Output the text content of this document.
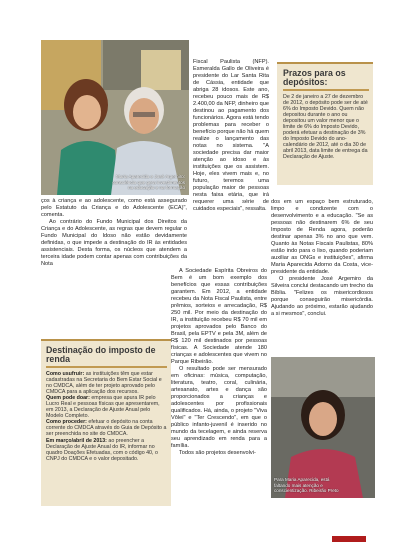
Maria Aparecida e José Argemiro: consciência que gera investimentos na educação e na formação

ços à criança e ao adolescente, como está assegurado pelo Estatuto da Criança e do Adolescente (ECA)", comenta.

Ao contrário do Fundo Municipal dos Direitos da Criança e do Adolescente, as regras que devem regular o Fundo Municipal do Idoso não estão devidamente definidas, o que impede a destinação do IR às entidades assistenciais. Desta forma, os núcleos que atendem a terceira idade podem contar apenas com contribuições da Nota

Destinação do imposto de renda

Como usufruir: as instituições têm que estar cadastradas na Secretaria do Bem Estar Social e no CMDCA, além de ter projeto aprovado pelo CMDCA para a aplicação dos recursos.

Quem pode doar: empresa que apura IR pelo Lucro Real e pessoas físicas que apresentarem, em 2013, a Declaração de Ajuste Anual pelo Modelo Completo.

Como proceder: efetuar o depósito na conta corrente do CMDCA através do Guia de Depósito a ser preenchida no site do CMDCA.

Em março/abril de 2013: ao preencher a Declaração de Ajuste Anual do IR, informar no quadro Doações Efetuadas, com o código 40, o CNPJ do CMDCA e o valor depositado.

Fiscal Paulista (NFP). Esmeralda Gallo de Oliveira é presidente do Lar Santa Rita de Cássia, entidade que abriga 28 idosos. Este ano, recebeu pouco mais de R$ 2.400,00 da NFP, dinheiro que destinou ao pagamento dos funcionários. Agora está tendo problemas para receber o benefício porque não há quem realize o lançamento das notas no sistema. "A sociedade precisa dar maior atenção ao idoso e às instituições que os assistem. Hoje, eles vivem mais e, no futuro, teremos uma população maior de pessoas nesta faixa etária, que irá requerer uma série de cuidados especiais", ressalta.

A Sociedade Espírita Obreiros do Bem é um bom exemplo dos benefícios que essas contribuições garantem. Em 2012, a entidade recebeu da Nota Fiscal Paulista, entre prêmios, sorteios e arrecadação, R$ 250 mil. Por meio da destinação do IR, a instituição recebeu R$ 70 mil em projetos aprovados pelo Banco do Brasil, pela EPTV e pela 3M, além de R$ 120 mil destinados por pessoas físicas. A Sociedade atende 180 crianças e adolescentes que vivem no Parque Ribeirão.

O resultado pode ser mensurado em oficinas: música, computação, literatura, teatro, coral, culinária, artesanato, artes e dança são proporcionados a crianças e adolescentes por profissionais qualificados. Há, ainda, o projeto "Viva Vôlei" e "Ter Crescendo", em que o público infanto-juvenil é inserido no mundo da tecelagem, e ainda reserva seu aprendizado em renda para a família.

Todos são projetos desenvolvi-

Prazos para os depósitos:
De 2 de janeiro a 27 de dezembro de 2012, o depósito pode ser de até 6% do Imposto Devido. Quem não depositou durante o ano ou depositou um valor menor que o limite de 6% do Imposto Devido, poderá efetuar a destinação de 3% do Imposto Devido do ano-calendário de 2012, até o dia 30 de abril 2013, data limite de entrega da Declaração de Ajuste.

dos em um espaço bem estruturado, limpo e condizente com o desenvolvimento e a educação. "Se as pessoas não destinarem 6% de seu Imposto de Renda agora, poderão destinar apenas 3% no ano que vem. Quanto às Notas Fiscais Paulistas, 80% estão indo para o lixo, quando poderiam auxiliar as ONGs e instituições", afirma Maria Aparecida Adorno da Costa, vice-presidente da entidade.

O presidente José Argemiro da Silveira conclui destacando um trecho da Bíblia. "Felizes os misericordiosos porque conseguirão misericórdia. Ajudando ao próximo, estarão ajudando a si mesmos", conclui.

Para Maria Aparecida, está faltando mais atenção e conscientização. Ribeirão Preto
